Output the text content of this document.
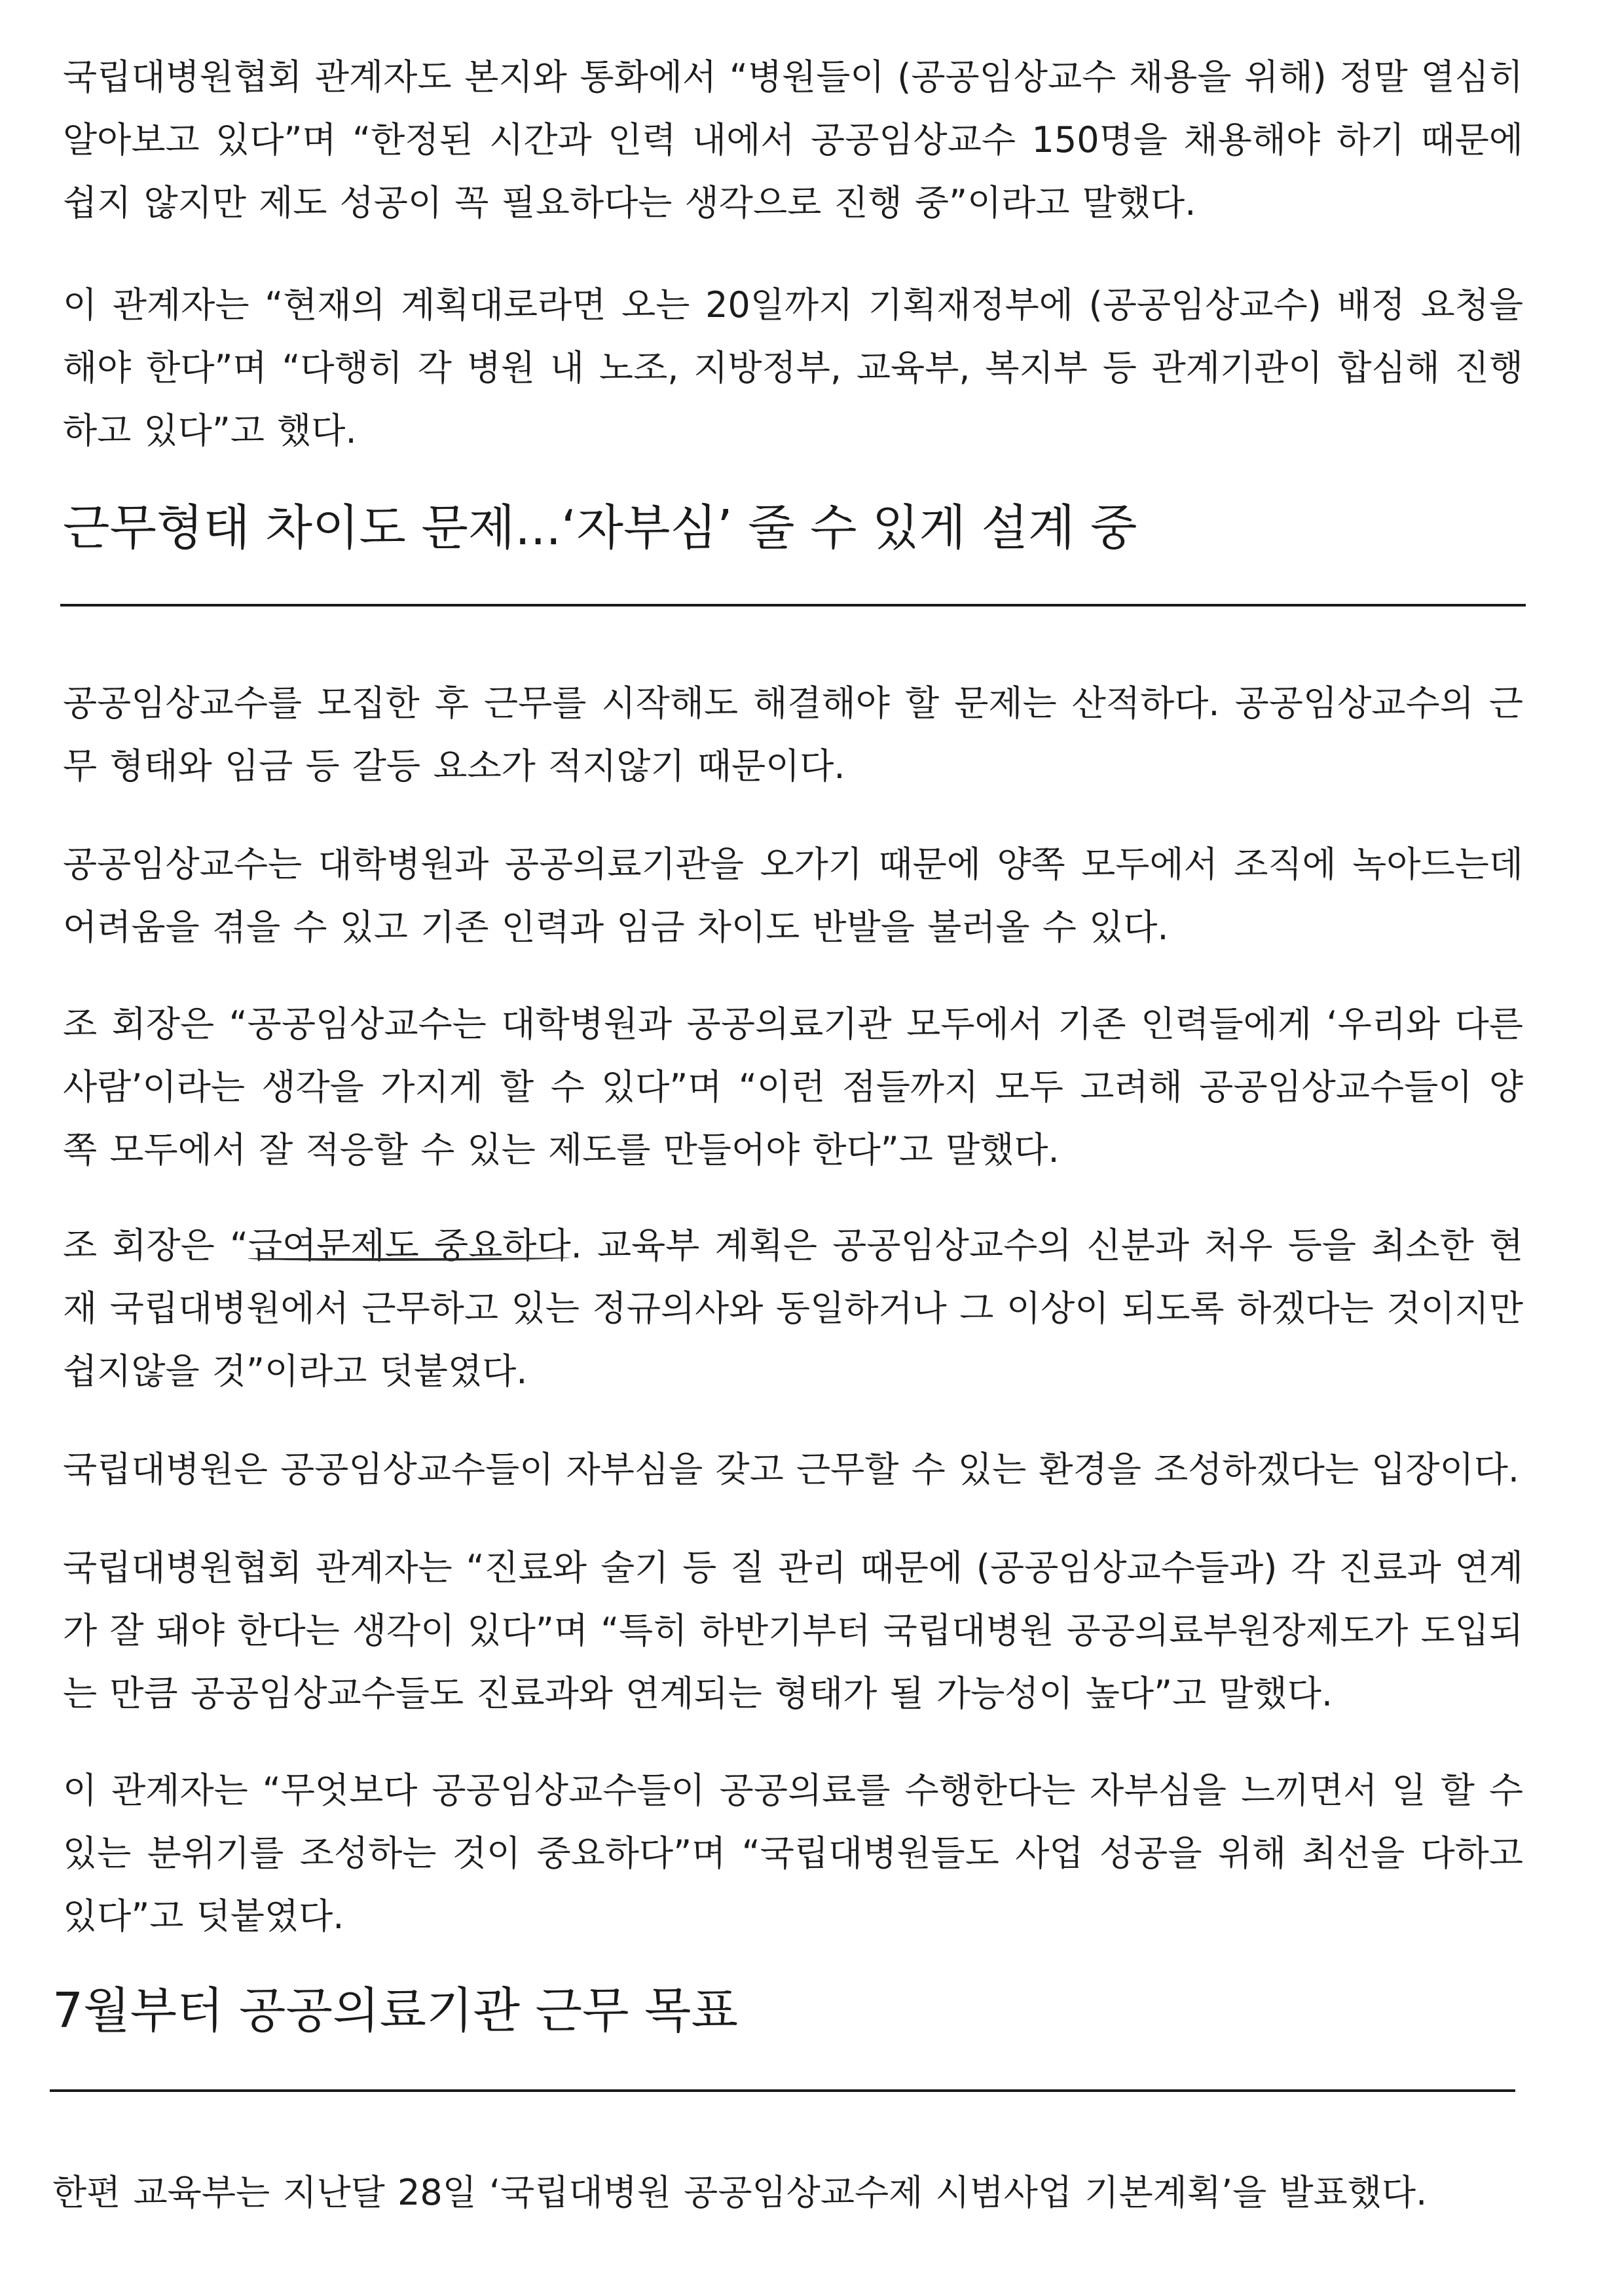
국립대병원협회 관계자도 본지와 통화에서 “병원들이 (공공임상교수 채용을 위해) 정말 열심히 알아보고 있다”며 “한정된 시간과 인력 내에서 공공임상교수 150명을 채용해야 하기 때문에 쉽지 않지만 제도 성공이 꼭 필요하다는 생각으로 진행 중”이라고 말했다.
이 관계자는 “현재의 계획대로라면 오는 20일까지 기획재정부에 (공공임상교수) 배정 요청을 해야 한다”며 “다행히 각 병원 내 노조, 지방정부, 교육부, 복지부 등 관계기관이 합심해 진행하고 있다”고 했다.
근무형태 차이도 문제...‘자부심’ 줄 수 있게 설계 중
공공임상교수를 모집한 후 근무를 시작해도 해결해야 할 문제는 산적하다. 공공임상교수의 근무 형태와 임금 등 갈등 요소가 적지않기 때문이다.
공공임상교수는 대학병원과 공공의료기관을 오가기 때문에 양쪽 모두에서 조직에 녹아드는데 어려움을 겪을 수 있고 기존 인력과 임금 차이도 반발을 불러올 수 있다.
조 회장은 “공공임상교수는 대학병원과 공공의료기관 모두에서 기존 인력들에게 ‘우리와 다른 사람’이라는 생각을 가지게 할 수 있다”며 “이런 점들까지 모두 고려해 공공임상교수들이 양 쪽 모두에서 잘 적응할 수 있는 제도를 만들어야 한다”고 말했다.
조 회장은 “급여문제도 중요하다. 교육부 계획은 공공임상교수의 신분과 처우 등을 최소한 현재 국립대병원에서 근무하고 있는 정규의사와 동일하거나 그 이상이 되도록 하겠다는 것이지만 쉽지않을 것”이라고 덧붙였다.
국립대병원은 공공임상교수들이 자부심을 갖고 근무할 수 있는 환경을 조성하겠다는 입장이다.
국립대병원협회 관계자는 “진료와 술기 등 질 관리 때문에 (공공임상교수들과) 각 진료과 연계가 잘 돼야 한다는 생각이 있다”며 “특히 하반기부터 국립대병원 공공의료부원장제도가 도입되는 만큼 공공임상교수들도 진료과와 연계되는 형태가 될 가능성이 높다”고 말했다.
이 관계자는 “무엇보다 공공임상교수들이 공공의료를 수행한다는 자부심을 느끼면서 일 할 수 있는 분위기를 조성하는 것이 중요하다”며 “국립대병원들도 사업 성공을 위해 최선을 다하고 있다”고 덧붙였다.
7월부터 공공의료기관 근무 목표
한편 교육부는 지난달 28일 ‘국립대병원 공공임상교수제 시범사업 기본계획’을 발표했다.
